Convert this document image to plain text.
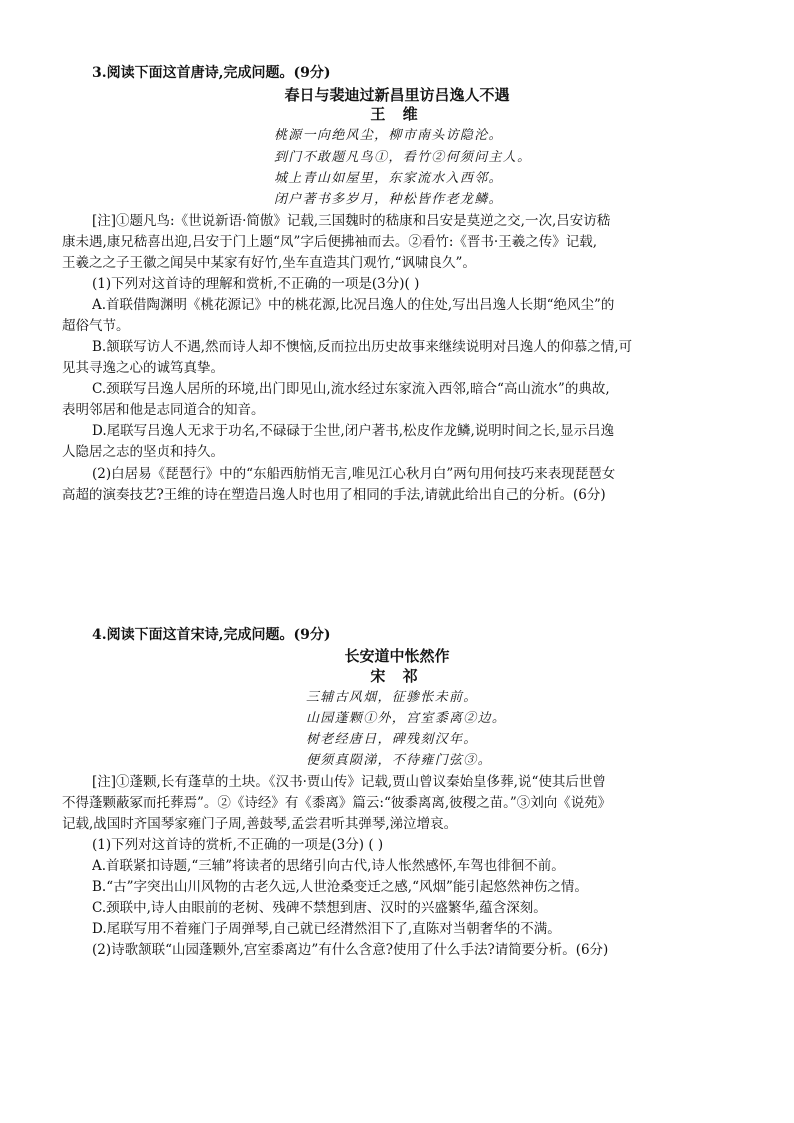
3.阅读下面这首唐诗,完成问题。(9分)
春日与裴迪过新昌里访吕逸人不遇
王 维
桃源一向绝风尘，柳市南头访隐沦。
到门不敢题凡鸟①，看竹②何须问主人。
城上青山如屋里，东家流水入西邻。
闭户著书多岁月，种松皆作老龙鳞。
[注]①题凡鸟:《世说新语·简傲》记载,三国魏时的嵇康和吕安是莫逆之交,一次,吕安访嵇
康未遇,康兄嵇喜出迎,吕安于门上题“凤”字后便拂袖而去。②看竹:《晋书·王羲之传》记载,
王羲之之子王徽之闻吴中某家有好竹,坐车直造其门观竹,“讽啸良久”。
(1)下列对这首诗的理解和赏析,不正确的一项是(3分)( )
A.首联借陶渊明《桃花源记》中的桃花源,比况吕逸人的住处,写出吕逸人长期“绝风尘”的
超俗气节。
B.颔联写访人不遇,然而诗人却不懊恼,反而拉出历史故事来继续说明对吕逸人的仰慕之情,可
见其寻逸之心的诚笃真挚。
C.颈联写吕逸人居所的环境,出门即见山,流水经过东家流入西邻,暗合“高山流水”的典故,
表明邻居和他是志同道合的知音。
D.尾联写吕逸人无求于功名,不碌碌于尘世,闭户著书,松皮作龙鳞,说明时间之长,显示吕逸
人隐居之志的坚贞和持久。
(2)白居易《琵琶行》中的“东船西舫悄无言,唯见江心秋月白”两句用何技巧来表现琵琶女
高超的演奏技艺?王维的诗在塑造吕逸人时也用了相同的手法,请就此给出自己的分析。(6分)
4.阅读下面这首宋诗,完成问题。(9分)
长安道中怅然作
宋 祁
三辅古风烟，征骖怅未前。
山园蓬颗①外，宫室黍离②边。
树老经唐日，碑残刻汉年。
便须真陨涕，不待雍门弦③。
[注]①蓬颗,长有蓬草的土块。《汉书·贾山传》记载,贾山曾议秦始皇侈葬,说“使其后世曾
不得蓬颗蔽冢而托葬焉”。②《诗经》有《黍离》篇云:“彼黍离离,彼稷之苗。”③刘向《说苑》
记载,战国时齐国琴家雍门子周,善鼓琴,孟尝君听其弹琴,涕泣增哀。
(1)下列对这首诗的赏析,不正确的一项是(3分) ( )
A.首联紧扣诗题,“三辅”将读者的思绪引向古代,诗人怅然感怀,车驾也徘徊不前。
B.“古”字突出山川风物的古老久远,人世沧桑变迁之感,“风烟”能引起悠然神伤之情。
C.颈联中,诗人由眼前的老树、残碑不禁想到唐、汉时的兴盛繁华,蕴含深刻。
D.尾联写用不着雍门子周弹琴,自己就已经潸然泪下了,直陈对当朝奢华的不满。
(2)诗歌颔联“山园蓬颗外,宫室黍离边”有什么含意?使用了什么手法?请简要分析。(6分)
